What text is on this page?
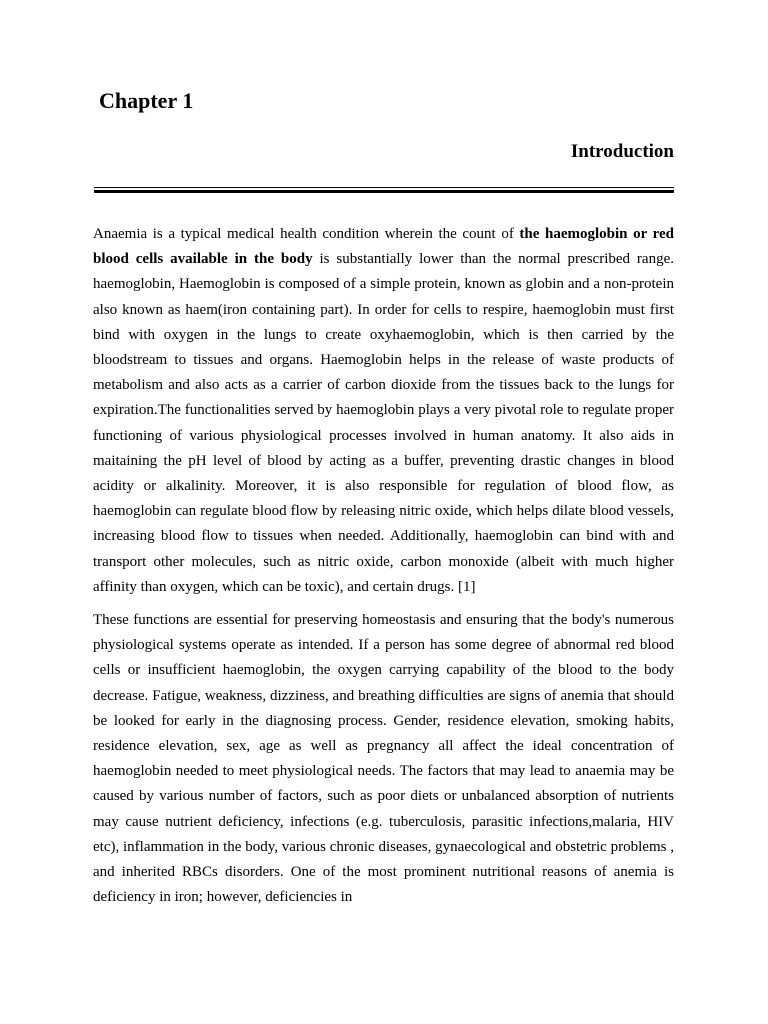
Chapter 1
Introduction

Anaemia is a typical medical health condition wherein the count of the haemoglobin or red blood cells available in the body is substantially lower than the normal prescribed range. haemoglobin, Haemoglobin is composed of a simple protein, known as globin and a non-protein also known as haem(iron containing part). In order for cells to respire, haemoglobin must first bind with oxygen in the lungs to create oxyhaemoglobin, which is then carried by the bloodstream to tissues and organs. Haemoglobin helps in the release of waste products of metabolism and also acts as a carrier of carbon dioxide from the tissues back to the lungs for expiration.The functionalities served by haemoglobin plays a very pivotal role to regulate proper functioning of various physiological processes involved in human anatomy. It also aids in maitaining the pH level of blood by acting as a buffer, preventing drastic changes in blood acidity or alkalinity. Moreover, it is also responsible for regulation of blood flow, as haemoglobin can regulate blood flow by releasing nitric oxide, which helps dilate blood vessels, increasing blood flow to tissues when needed. Additionally, haemoglobin can bind with and transport other molecules, such as nitric oxide, carbon monoxide (albeit with much higher affinity than oxygen, which can be toxic), and certain drugs. [1]

These functions are essential for preserving homeostasis and ensuring that the body's numerous physiological systems operate as intended. If a person has some degree of abnormal red blood cells or insufficient haemoglobin, the oxygen carrying capability of the blood to the body decrease. Fatigue, weakness, dizziness, and breathing difficulties are signs of anemia that should be looked for early in the diagnosing process. Gender, residence elevation, smoking habits, residence elevation, sex, age as well as pregnancy all affect the ideal concentration of haemoglobin needed to meet physiological needs. The factors that may lead to anaemia may be caused by various number of factors, such as poor diets or unbalanced absorption of nutrients may cause nutrient deficiency, infections (e.g. tuberculosis, parasitic infections,malaria, HIV etc), inflammation in the body, various chronic diseases, gynaecological and obstetric problems , and inherited RBCs disorders. One of the most prominent nutritional reasons of anemia is deficiency in iron; however, deficiencies in
